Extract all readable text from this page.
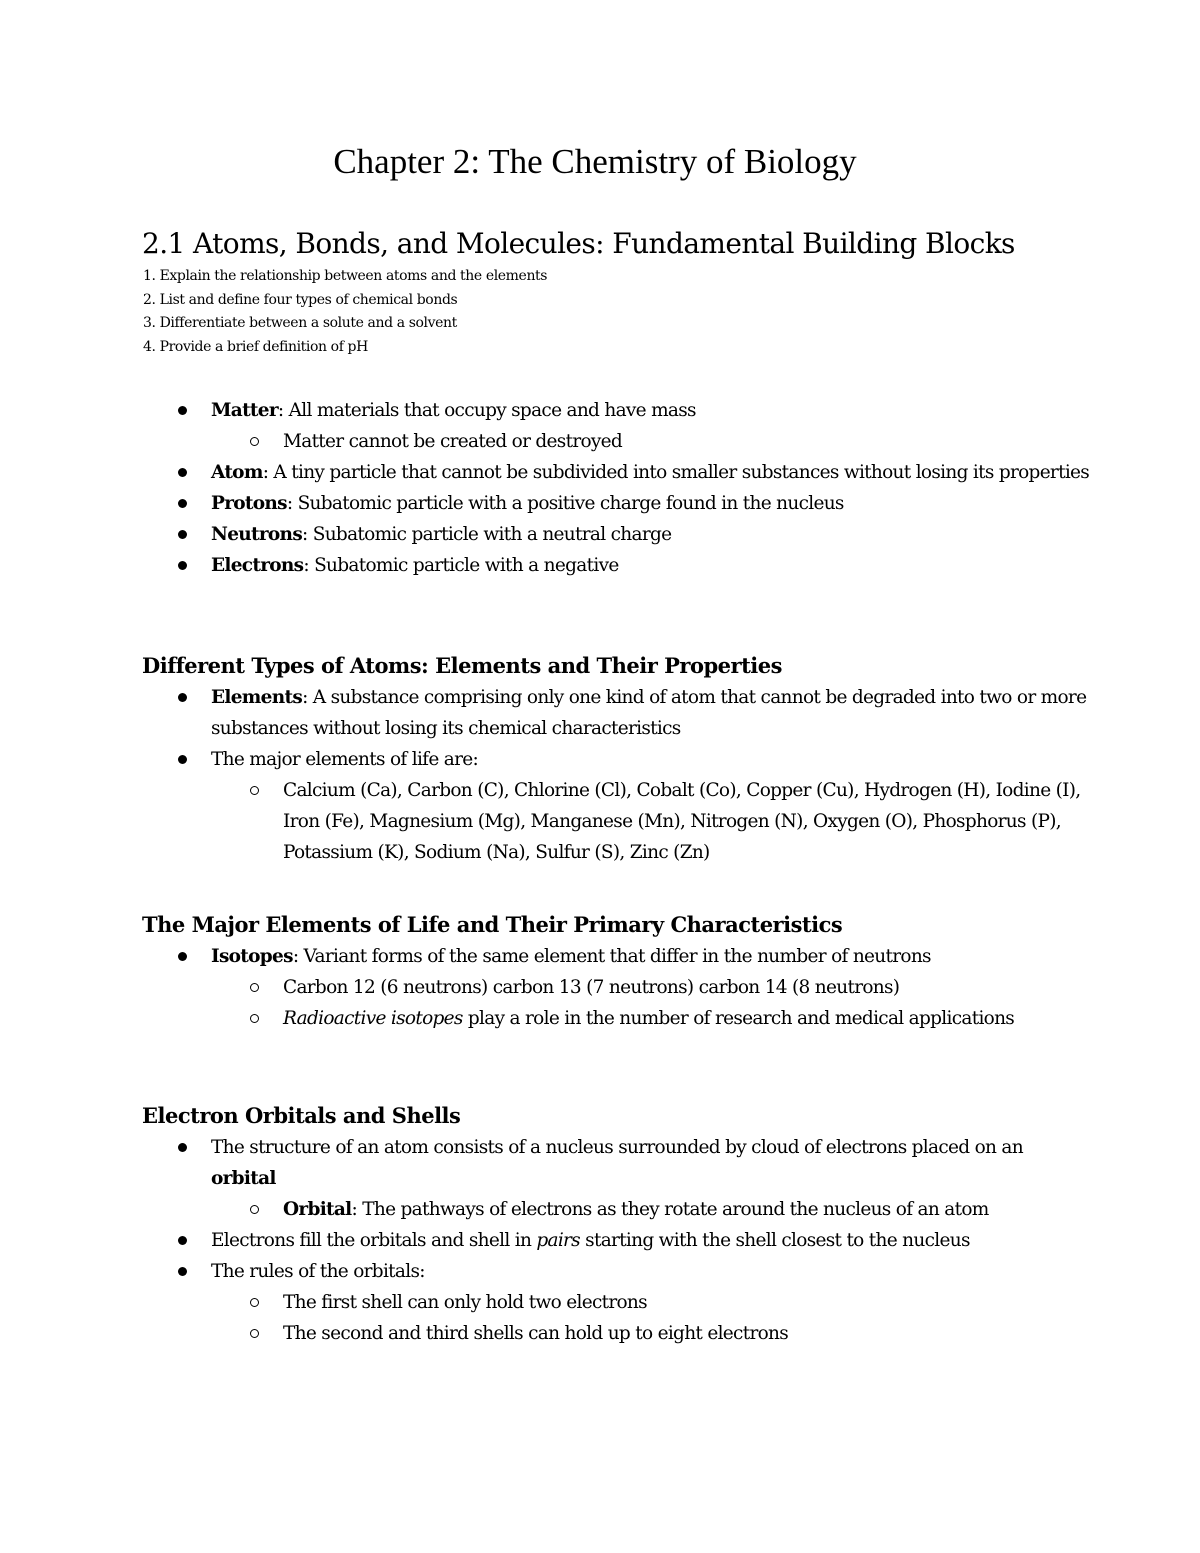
Chapter 2: The Chemistry of Biology
2.1 Atoms, Bonds, and Molecules: Fundamental Building Blocks
1. Explain the relationship between atoms and the elements
2. List and define four types of chemical bonds
3. Differentiate between a solute and a solvent
4. Provide a brief definition of pH
Matter: All materials that occupy space and have mass
Matter cannot be created or destroyed
Atom: A tiny particle that cannot be subdivided into smaller substances without losing its properties
Protons: Subatomic particle with a positive charge found in the nucleus
Neutrons: Subatomic particle with a neutral charge
Electrons: Subatomic particle with a negative
Different Types of Atoms: Elements and Their Properties
Elements: A substance comprising only one kind of atom that cannot be degraded into two or more substances without losing its chemical characteristics
The major elements of life are:
Calcium (Ca), Carbon (C), Chlorine (Cl), Cobalt (Co), Copper (Cu), Hydrogen (H), Iodine (I), Iron (Fe), Magnesium (Mg), Manganese (Mn), Nitrogen (N), Oxygen (O), Phosphorus (P), Potassium (K), Sodium (Na), Sulfur (S), Zinc (Zn)
The Major Elements of Life and Their Primary Characteristics
Isotopes: Variant forms of the same element that differ in the number of neutrons
Carbon 12 (6 neutrons) carbon 13 (7 neutrons) carbon 14 (8 neutrons)
Radioactive isotopes play a role in the number of research and medical applications
Electron Orbitals and Shells
The structure of an atom consists of a nucleus surrounded by cloud of electrons placed on an orbital
Orbital: The pathways of electrons as they rotate around the nucleus of an atom
Electrons fill the orbitals and shell in pairs starting with the shell closest to the nucleus
The rules of the orbitals:
The first shell can only hold two electrons
The second and third shells can hold up to eight electrons
